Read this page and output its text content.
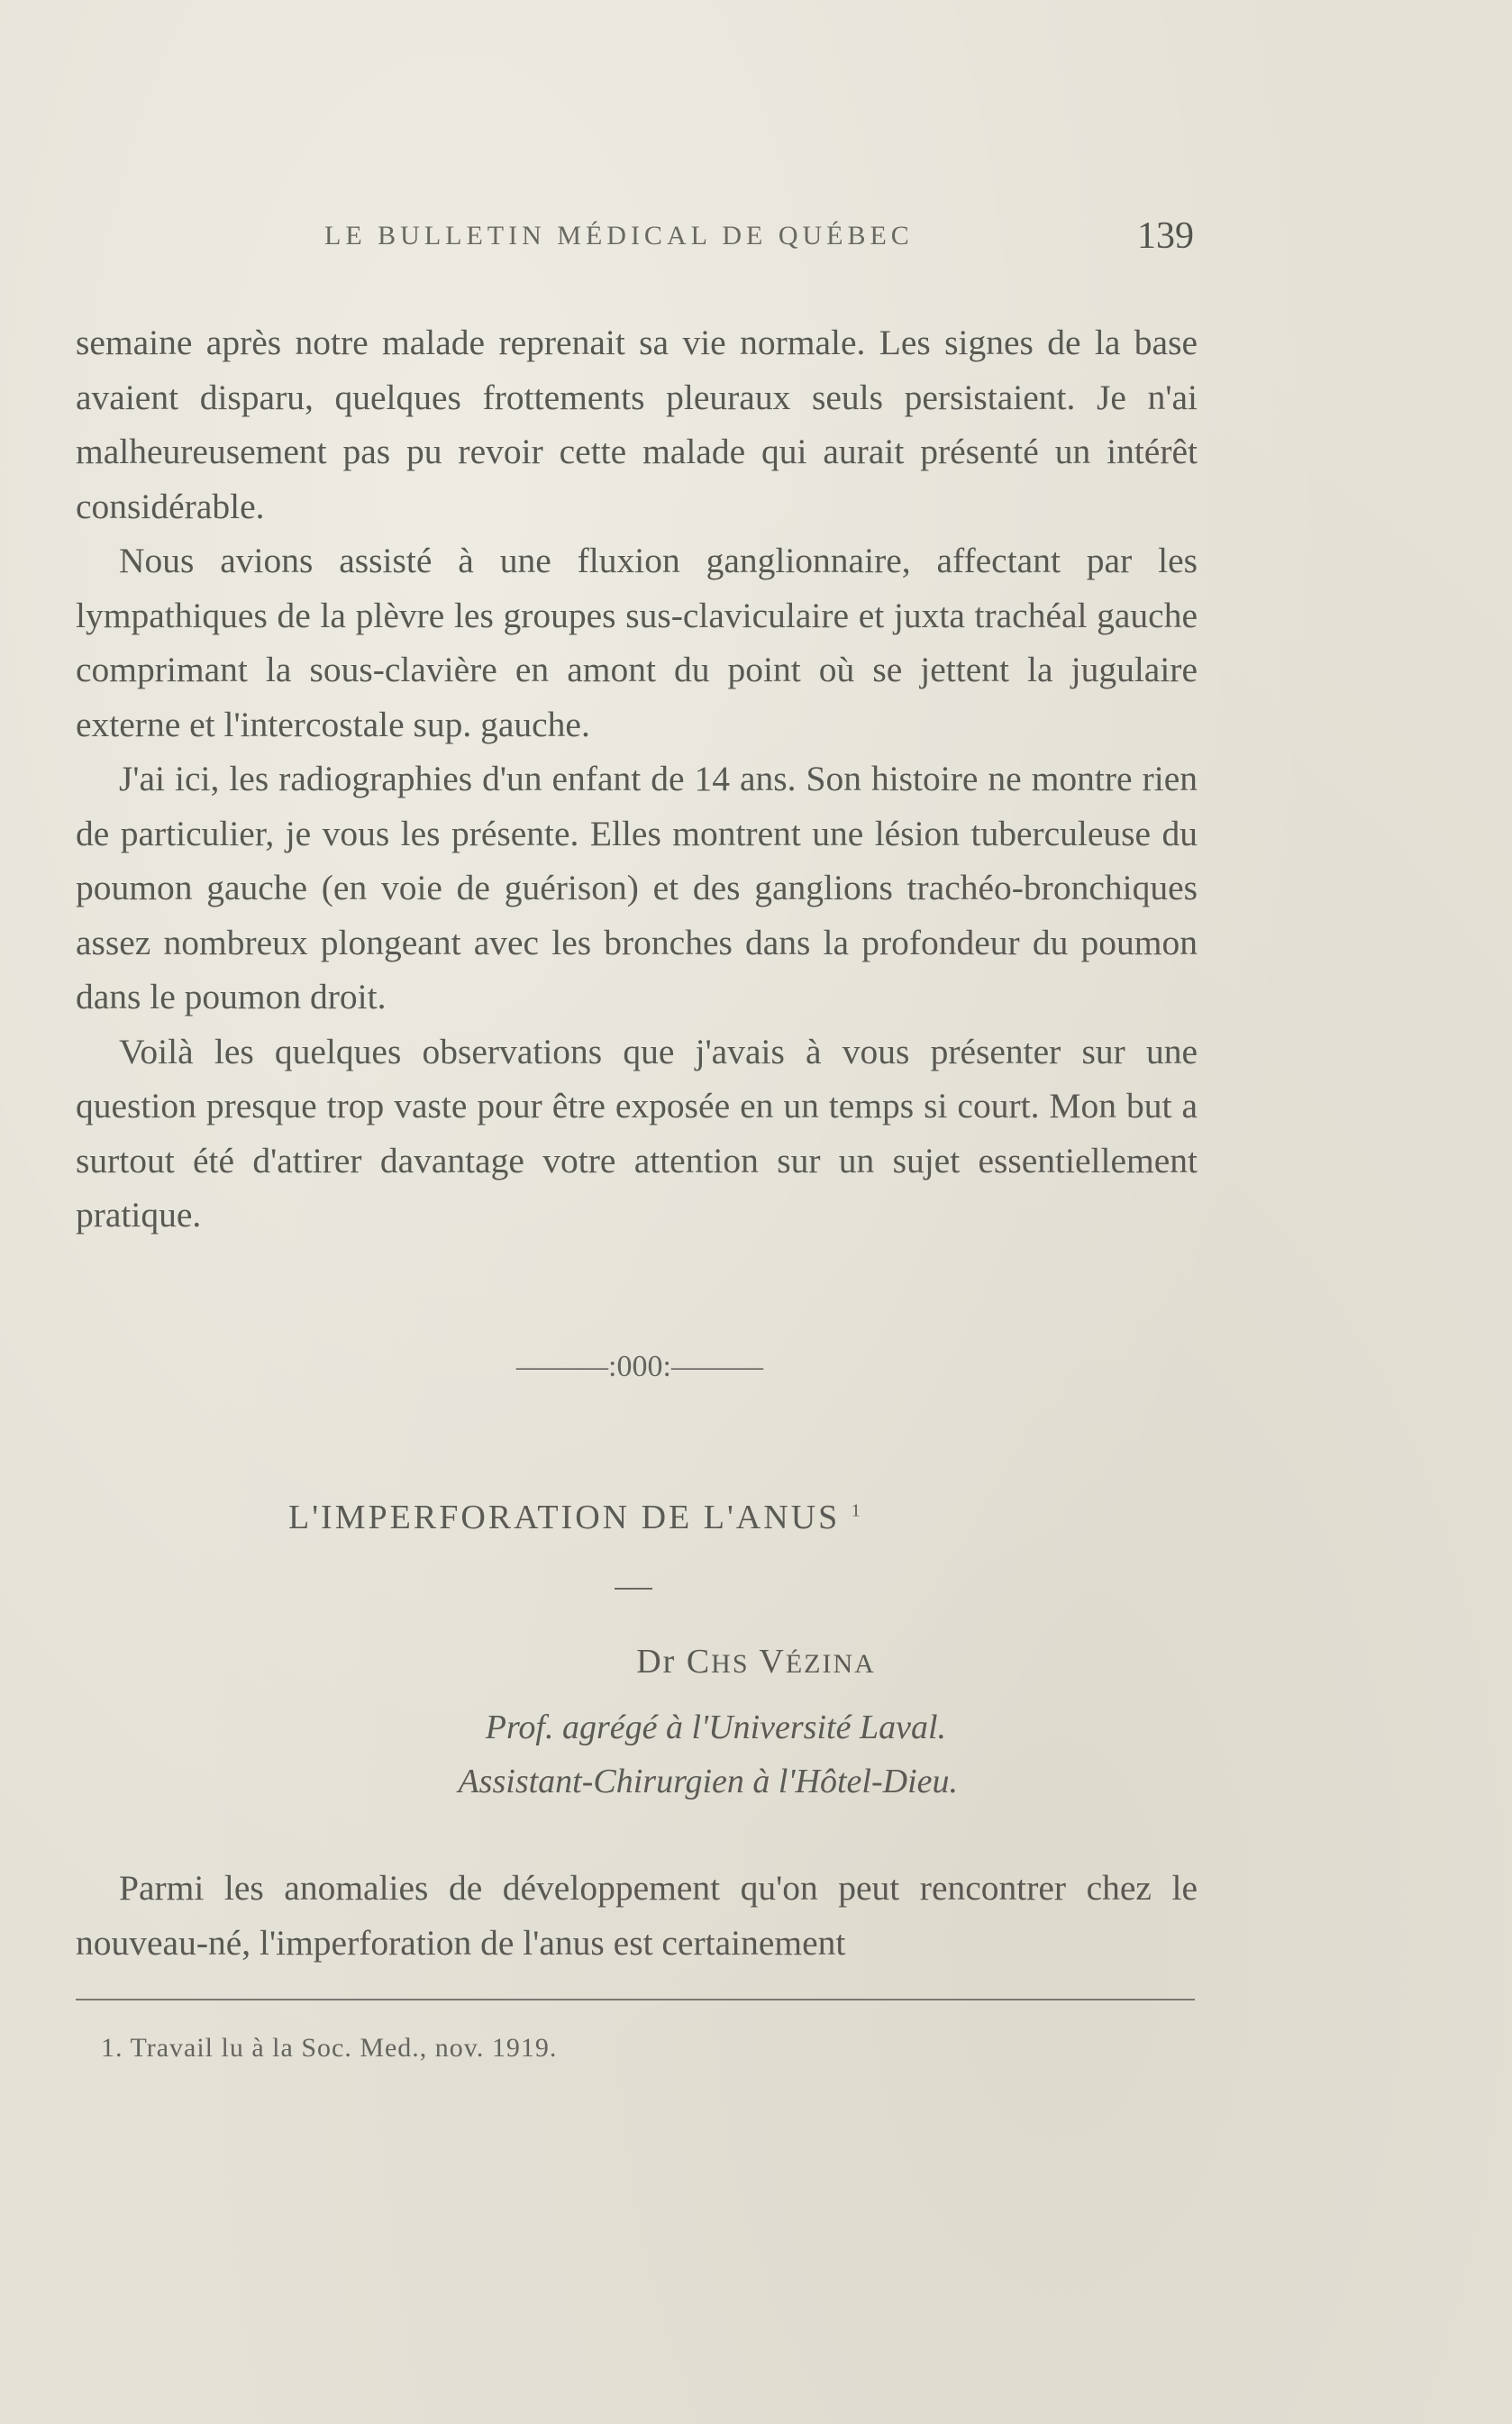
LE BULLETIN MÉDICAL DE QUÉBEC	139

semaine après notre malade reprenait sa vie normale. Les signes de la base avaient disparu, quelques frottements pleuraux seuls persistaient. Je n'ai malheureusement pas pu revoir cette malade qui aurait présenté un intérêt considérable.

Nous avions assisté à une fluxion ganglionnaire, affectant par les lympathiques de la plèvre les groupes sus-claviculaire et juxta trachéal gauche comprimant la sous-clavière en amont du point où se jettent la jugulaire externe et l'intercostale sup. gauche.

J'ai ici, les radiographies d'un enfant de 14 ans. Son histoire ne montre rien de particulier, je vous les présente. Elles montrent une lésion tuberculeuse du poumon gauche (en voie de guérison) et des ganglions trachéo-bronchiques assez nombreux plongeant avec les bronches dans la profondeur du poumon dans le poumon droit.

Voilà les quelques observations que j'avais à vous présenter sur une question presque trop vaste pour être exposée en un temps si court. Mon but a surtout été d'attirer davantage votre attention sur un sujet essentiellement pratique.

———:000:———
L'IMPERFORATION DE L'ANUS $^1$
Dr CHS VÉZINA
Prof. agrégé à l'Université Laval.
Assistant-Chirurgien à l'Hôtel-Dieu.

Parmi les anomalies de développement qu'on peut rencontrer chez le nouveau-né, l'imperforation de l'anus est certainement

1. Travail lu à la Soc. Med., nov. 1919.
